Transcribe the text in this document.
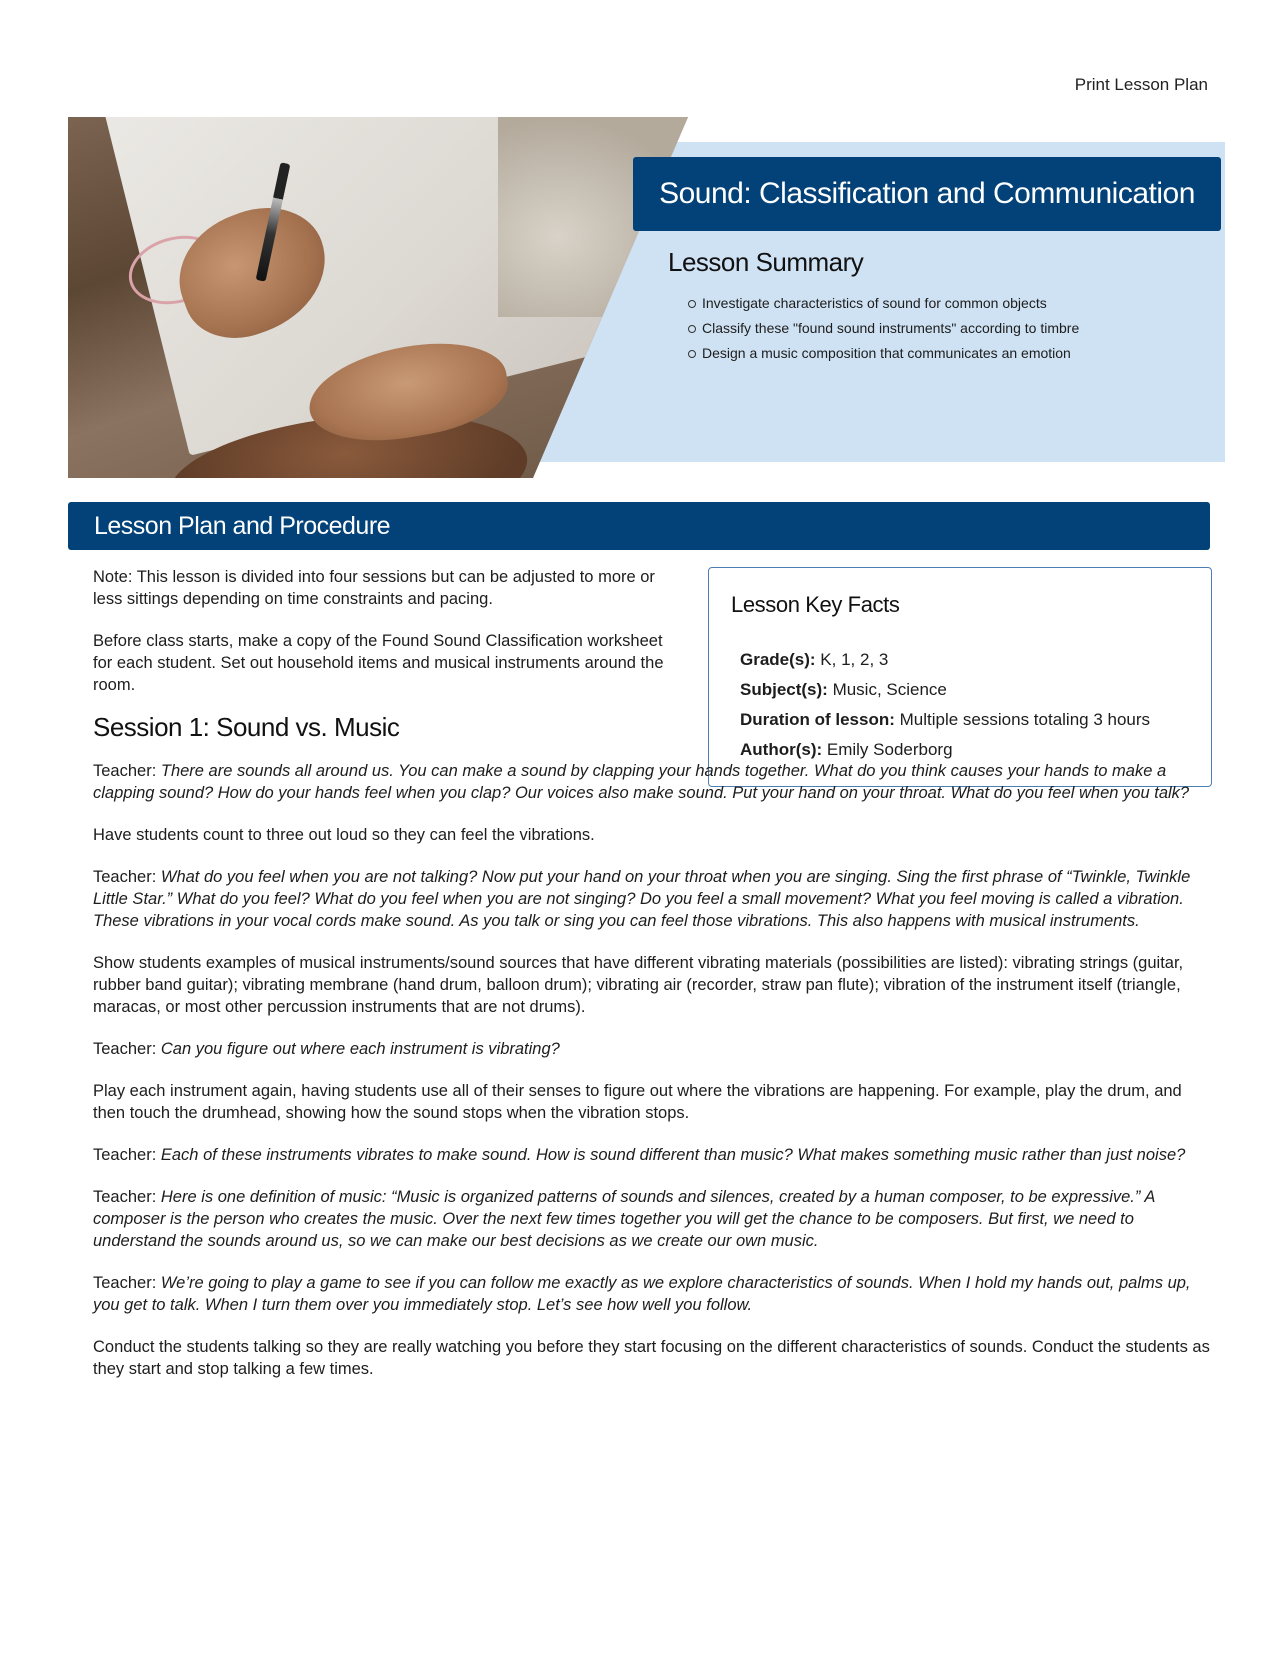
Print Lesson Plan
Sound: Classification and Communication
Lesson Summary
Investigate characteristics of sound for common objects
Classify these "found sound instruments" according to timbre
Design a music composition that communicates an emotion
Lesson Plan and Procedure
Lesson Key Facts
Grade(s): K, 1, 2, 3
Subject(s): Music, Science
Duration of lesson: Multiple sessions totaling 3 hours
Author(s): Emily Soderborg

Note: This lesson is divided into four sessions but can be adjusted to more or less sittings depending on time constraints and pacing.

Before class starts, make a copy of the Found Sound Classification worksheet for each student. Set out household items and musical instruments around the room.

Session 1: Sound vs. Music

Teacher: There are sounds all around us. You can make a sound by clapping your hands together. What do you think causes your hands to make a clapping sound? How do your hands feel when you clap? Our voices also make sound. Put your hand on your throat. What do you feel when you talk?

Have students count to three out loud so they can feel the vibrations.

Teacher: What do you feel when you are not talking? Now put your hand on your throat when you are singing. Sing the first phrase of “Twinkle, Twinkle Little Star.” What do you feel? What do you feel when you are not singing? Do you feel a small movement? What you feel moving is called a vibration. These vibrations in your vocal cords make sound. As you talk or sing you can feel those vibrations. This also happens with musical instruments.

Show students examples of musical instruments/sound sources that have different vibrating materials (possibilities are listed): vibrating strings (guitar, rubber band guitar); vibrating membrane (hand drum, balloon drum); vibrating air (recorder, straw pan flute); vibration of the instrument itself (triangle, maracas, or most other percussion instruments that are not drums).

Teacher: Can you figure out where each instrument is vibrating?

Play each instrument again, having students use all of their senses to figure out where the vibrations are happening. For example, play the drum, and then touch the drumhead, showing how the sound stops when the vibration stops.

Teacher: Each of these instruments vibrates to make sound. How is sound different than music? What makes something music rather than just noise?

Teacher: Here is one definition of music: “Music is organized patterns of sounds and silences, created by a human composer, to be expressive.” A composer is the person who creates the music. Over the next few times together you will get the chance to be composers. But first, we need to understand the sounds around us, so we can make our best decisions as we create our own music.

Teacher: We’re going to play a game to see if you can follow me exactly as we explore characteristics of sounds. When I hold my hands out, palms up, you get to talk. When I turn them over you immediately stop. Let’s see how well you follow.

Conduct the students talking so they are really watching you before they start focusing on the different characteristics of sounds. Conduct the students as they start and stop talking a few times.
